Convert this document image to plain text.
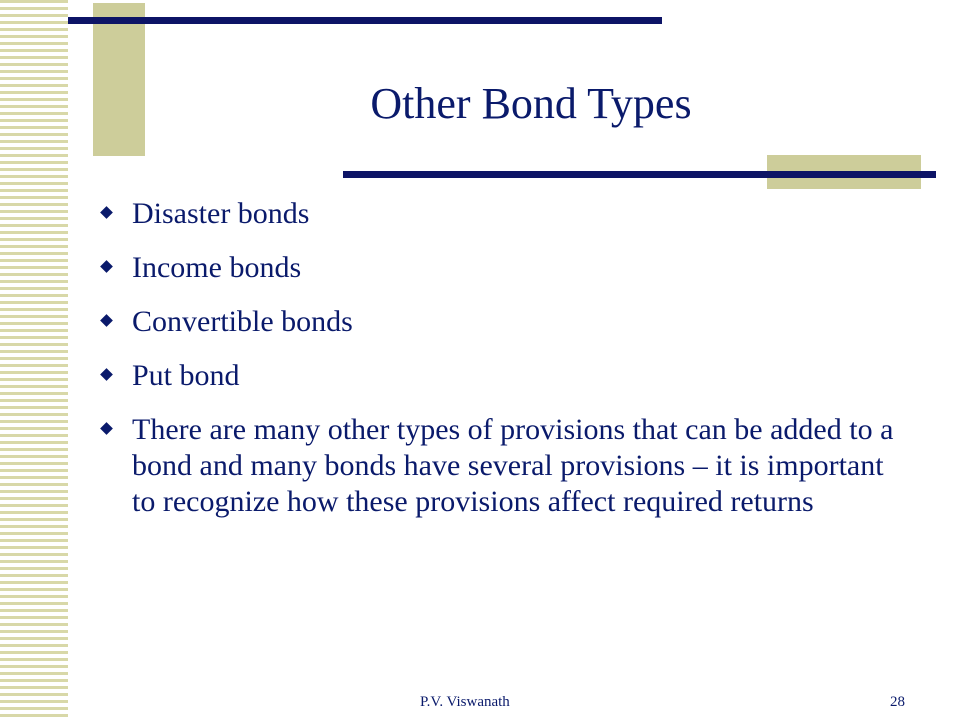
Other Bond Types
Disaster bonds
Income bonds
Convertible bonds
Put bond
There are many other types of provisions that can be added to a bond and many bonds have several provisions – it is important to recognize how these provisions affect required returns
P.V. Viswanath	28
